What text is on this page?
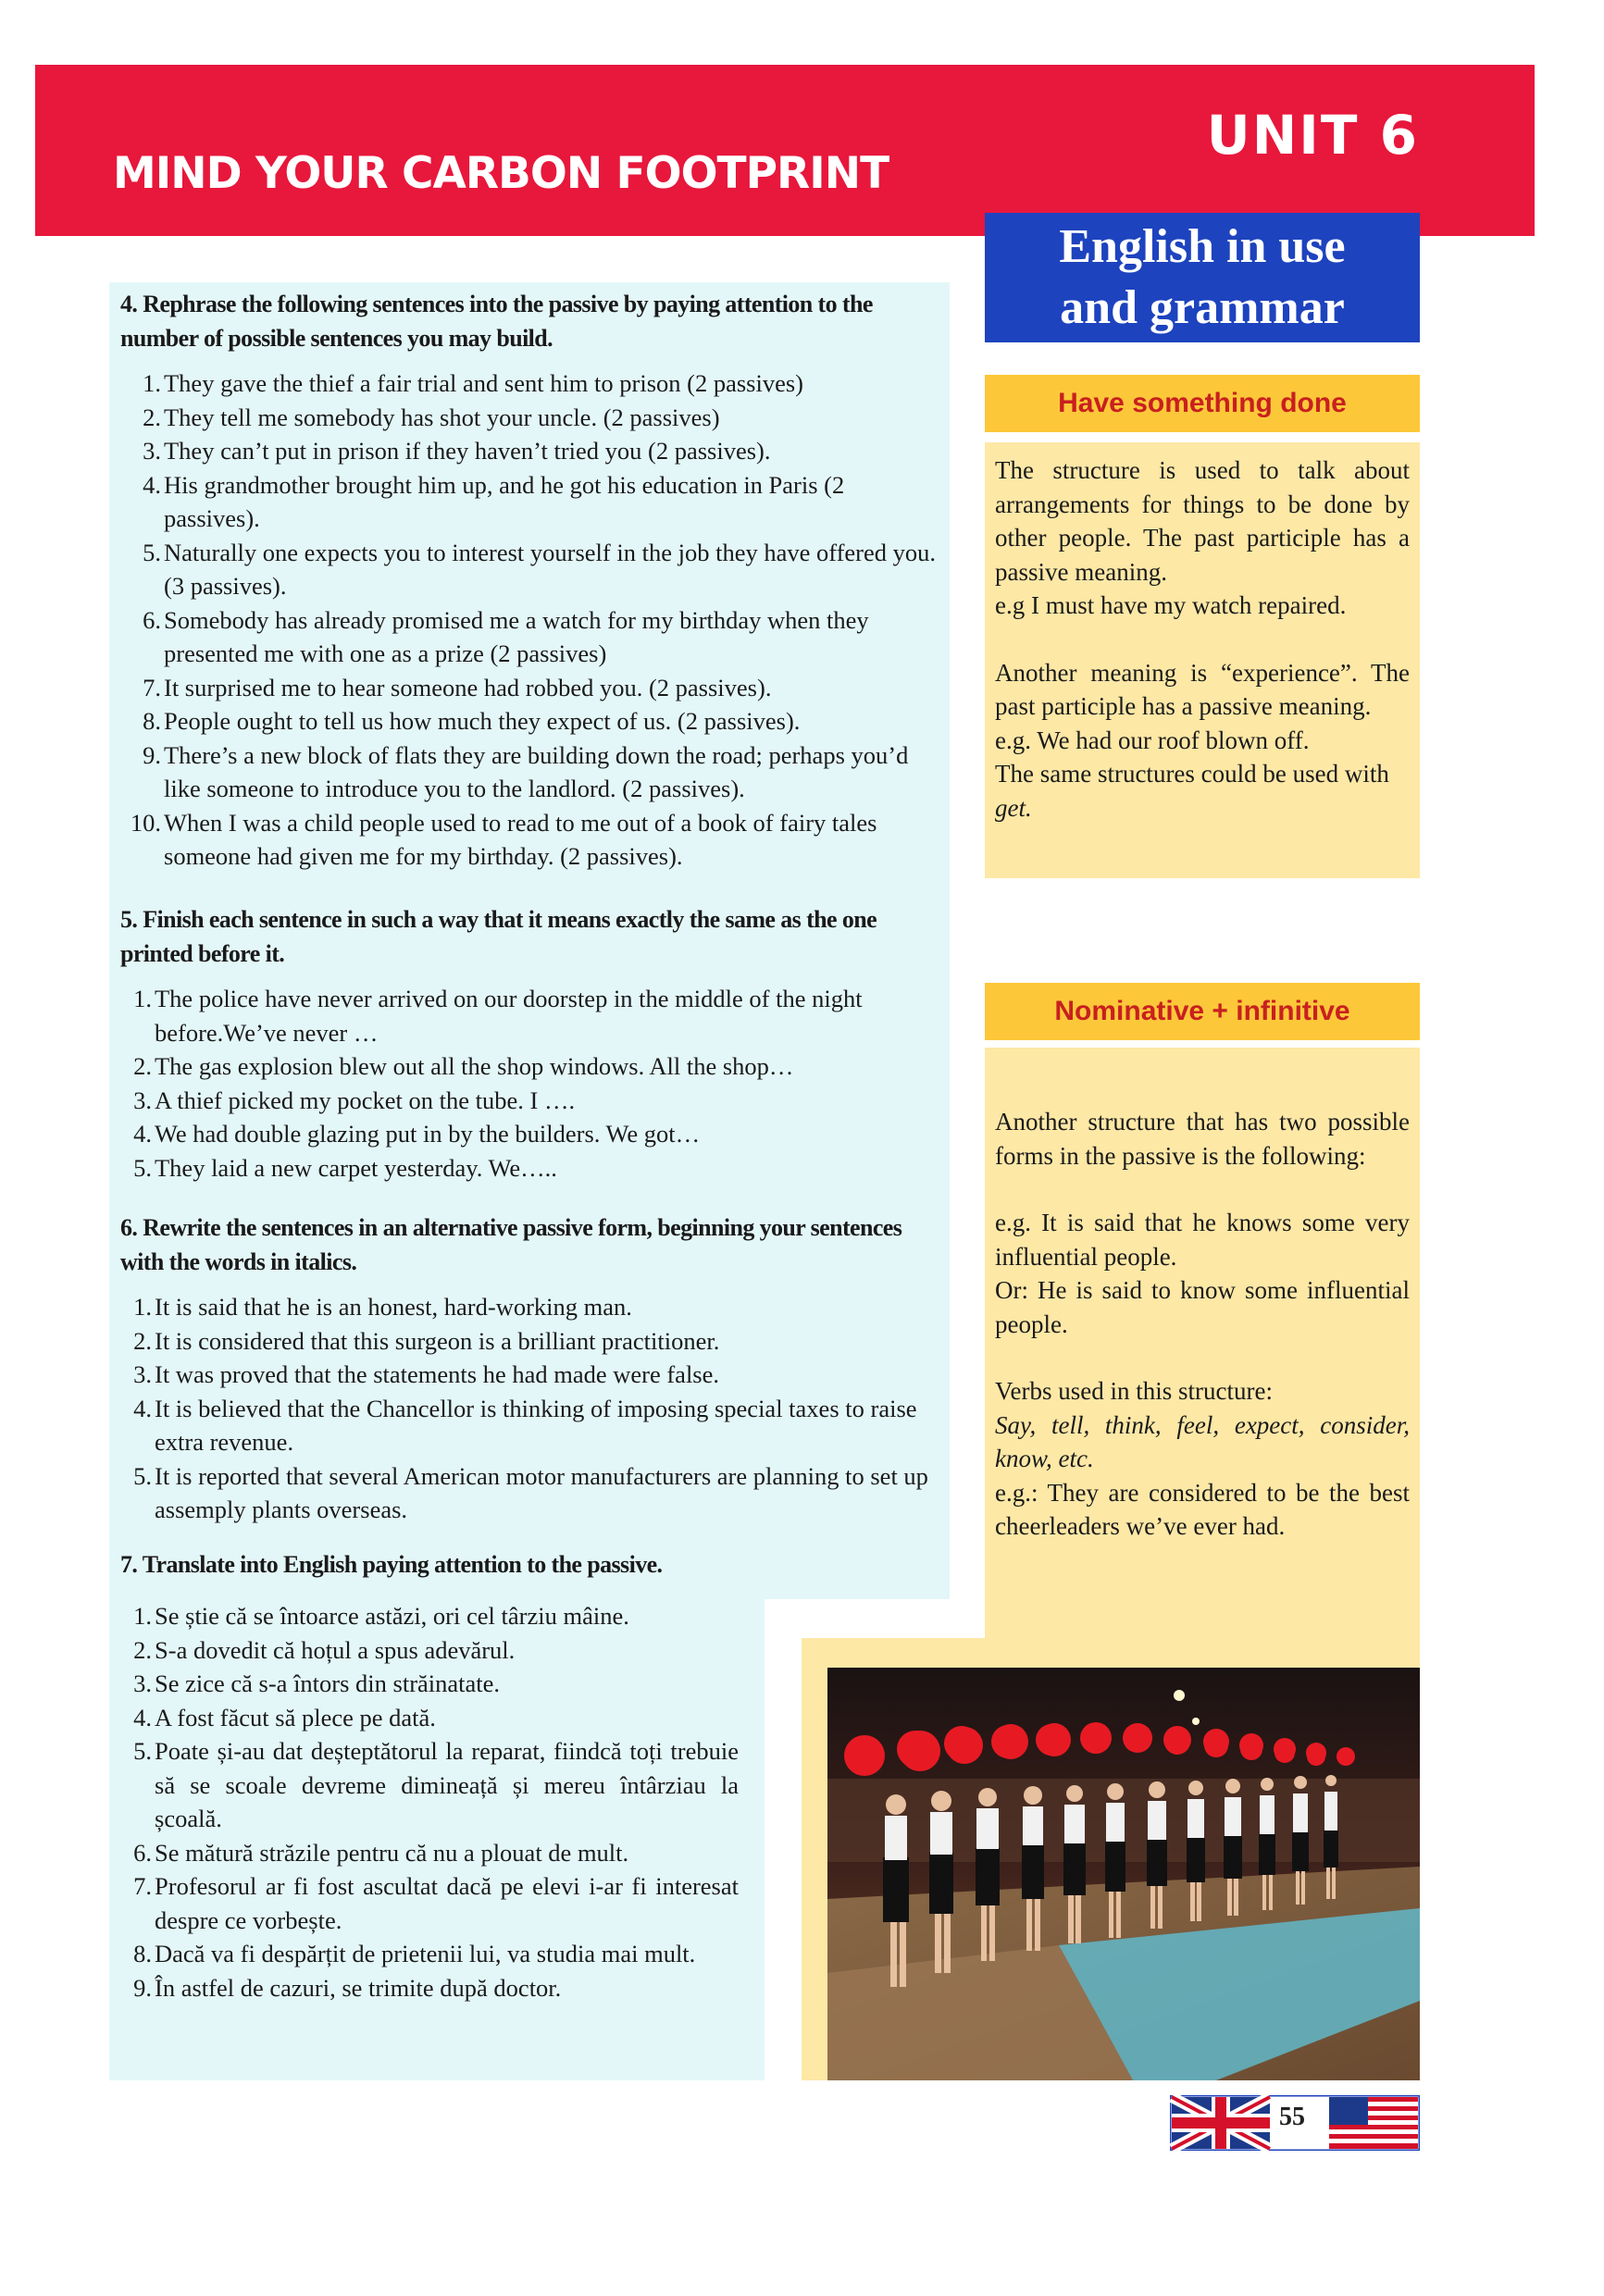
UNIT 6
MIND YOUR CARBON FOOTPRINT
English in use
and grammar
4. Rephrase the following sentences into the passive by paying attention to the number of possible sentences you may build.
1. They gave the thief a fair trial and sent him to prison (2 passives)
2. They tell me somebody has shot your uncle. (2 passives)
3. They can’t put in prison if they haven’t tried you (2 passives).
4. His grandmother brought him up, and he got his education in Paris (2 passives).
5. Naturally one expects you to interest yourself in the job they have offered you. (3 passives).
6. Somebody has already promised me a watch for my birthday when they presented me with one as a prize (2 passives)
7. It surprised me to hear someone had robbed you. (2 passives).
8. People ought to tell us how much they expect of us. (2 passives).
9. There’s a new block of flats they are building down the road; perhaps you’d like someone to introduce you to the landlord. (2 passives).
10. When I was a child people used to read to me out of a book of fairy tales someone had given me for my birthday. (2 passives).
5. Finish each sentence in such a way that it means exactly the same as the one printed before it.
1. The police have never arrived on our doorstep in the middle of the night before.We’ve never …
2. The gas explosion blew out all the shop windows. All the shop…
3. A thief picked my pocket on the tube. I ….
4. We had double glazing put in by the builders. We got…
5. They laid a new carpet yesterday. We…..
6. Rewrite the sentences in an alternative passive form, beginning your sentences with the words in italics.
1. It is said that he is an honest, hard-working man.
2. It is considered that this surgeon is a brilliant practitioner.
3. It was proved that the statements he had made were false.
4. It is believed that the Chancellor is thinking of imposing special taxes to raise extra revenue.
5. It is reported that several American motor manufacturers are planning to set up assemply plants overseas.
7. Translate into English paying attention to the passive.
1. Se știe că se întoarce astăzi, ori cel târziu mâine.
2. S-a dovedit că hoțul a spus adevărul.
3. Se zice că s-a întors din străinatate.
4. A fost făcut să plece pe dată.
5. Poate și-au dat deșteptătorul la reparat, fiindcă toți trebuie să se scoale devreme dimineață și mereu întârziau la școală.
6. Se mătură străzile pentru că nu a plouat de mult.
7. Profesorul ar fi fost ascultat dacă pe elevi i-ar fi interesat despre ce vorbește.
8. Dacă va fi despărțit de prietenii lui, va studia mai mult.
9. În astfel de cazuri, se trimite după doctor.
Have something done
The structure is used to talk about arrangements for things to be done by other people. The past participle has a passive meaning.
e.g I must have my watch repaired.
Another meaning is “experience”. The past participle has a passive meaning.
e.g. We had our roof blown off.
The same structures could be used with get.
Nominative + infinitive
Another structure that has two possible forms in the passive is the following:
e.g. It is said that he knows some very influential people.
Or: He is said to know some influential people.
Verbs used in this structure:
Say, tell, think, feel, expect, consider, know, etc.
e.g.: They are considered to be the best cheerleaders we’ve ever had.
55
